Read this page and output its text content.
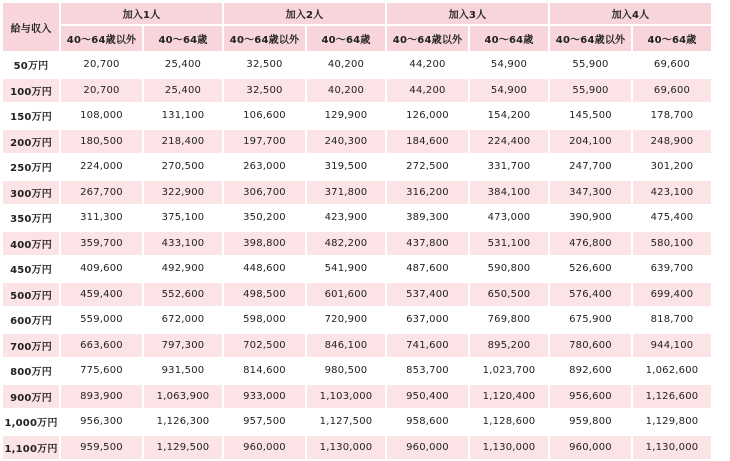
給与収入	加入1人		加入2人		加入3人		加入4人	
	40～64歳以外	40～64歳	40～64歳以外	40～64歳	40～64歳以外	40～64歳	40～64歳以外	40～64歳
50万円	20,700	25,400	32,500	40,200	44,200	54,900	55,900	69,600
100万円	20,700	25,400	32,500	40,200	44,200	54,900	55,900	69,600
150万円	108,000	131,100	106,600	129,900	126,000	154,200	145,500	178,700
200万円	180,500	218,400	197,700	240,300	184,600	224,400	204,100	248,900
250万円	224,000	270,500	263,000	319,500	272,500	331,700	247,700	301,200
300万円	267,700	322,900	306,700	371,800	316,200	384,100	347,300	423,100
350万円	311,300	375,100	350,200	423,900	389,300	473,000	390,900	475,400
400万円	359,700	433,100	398,800	482,200	437,800	531,100	476,800	580,100
450万円	409,600	492,900	448,600	541,900	487,600	590,800	526,600	639,700
500万円	459,400	552,600	498,500	601,600	537,400	650,500	576,400	699,400
600万円	559,000	672,000	598,000	720,900	637,000	769,800	675,900	818,700
700万円	663,600	797,300	702,500	846,100	741,600	895,200	780,600	944,100
800万円	775,600	931,500	814,600	980,500	853,700	1,023,700	892,600	1,062,600
900万円	893,900	1,063,900	933,000	1,103,000	950,400	1,120,400	956,600	1,126,600
1,000万円	956,300	1,126,300	957,500	1,127,500	958,600	1,128,600	959,800	1,129,800
1,100万円	959,500	1,129,500	960,000	1,130,000	960,000	1,130,000	960,000	1,130,000
